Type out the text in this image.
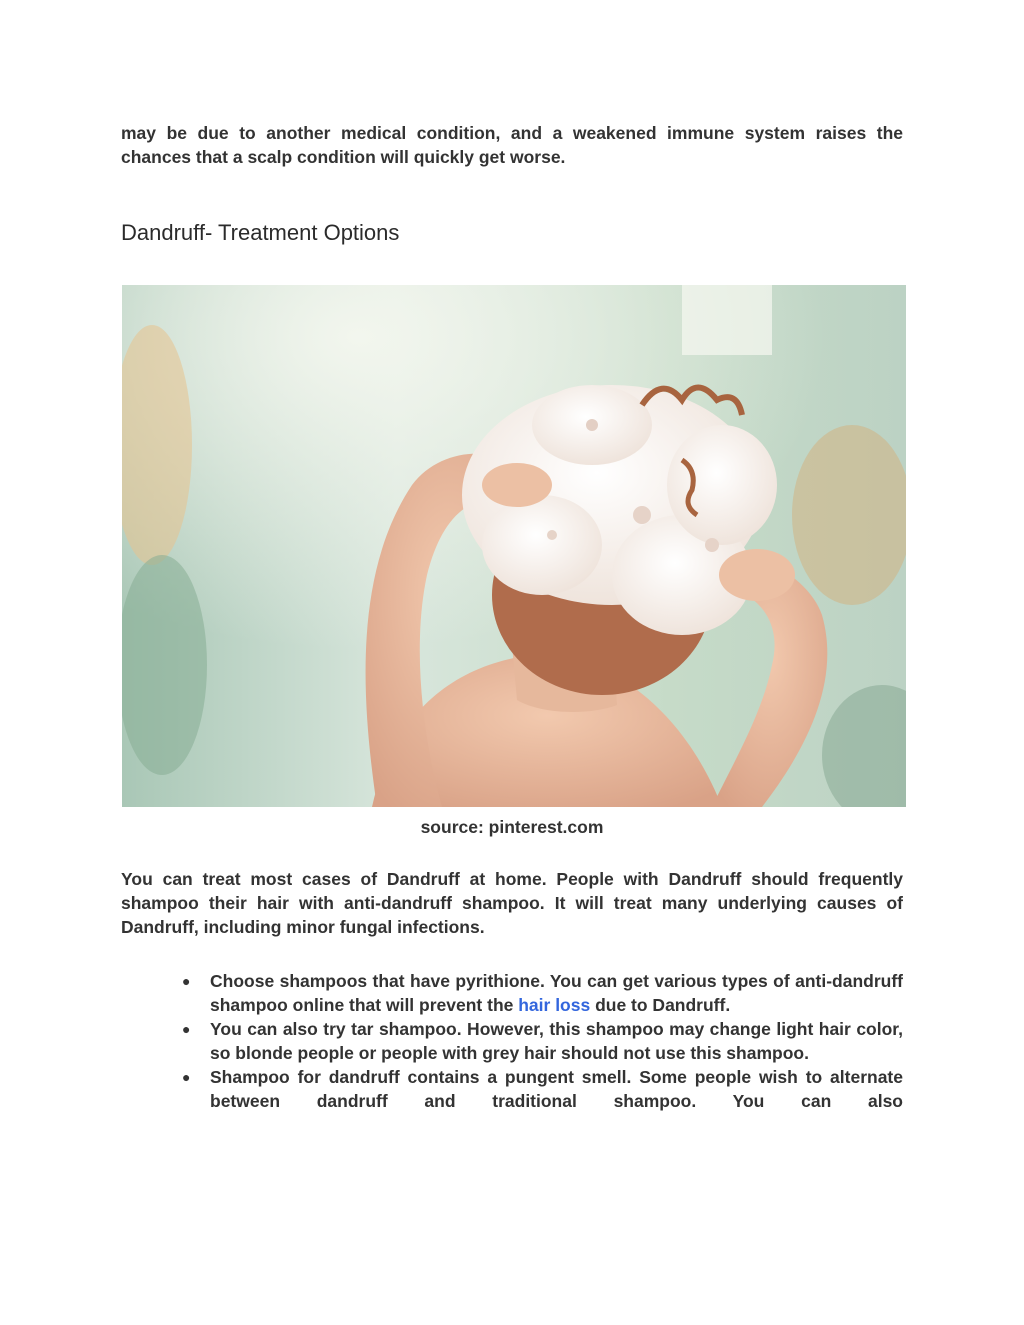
may be due to another medical condition, and a weakened immune system raises the chances that a scalp condition will quickly get worse.

Dandruff- Treatment Options

source: pinterest.com

You can treat most cases of Dandruff at home. People with Dandruff should frequently shampoo their hair with anti-dandruff shampoo. It will treat many underlying causes of Dandruff, including minor fungal infections.

● Choose shampoos that have pyrithione. You can get various types of anti-dandruff shampoo online that will prevent the hair loss due to Dandruff.
● You can also try tar shampoo. However, this shampoo may change light hair color, so blonde people or people with grey hair should not use this shampoo.
● Shampoo for dandruff contains a pungent smell. Some people wish to alternate between dandruff and traditional shampoo. You can also
